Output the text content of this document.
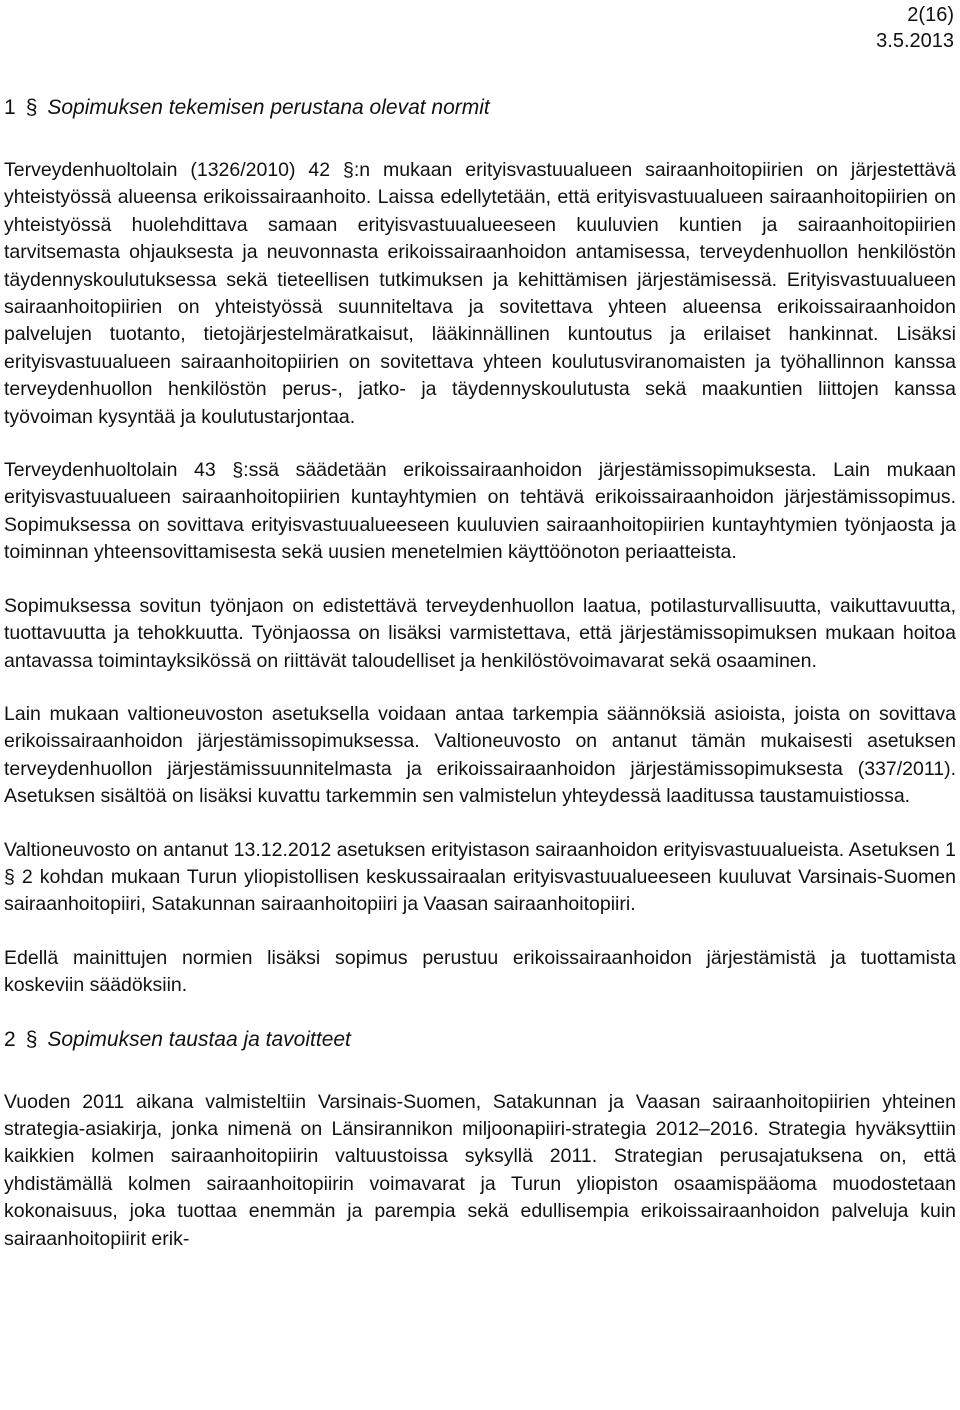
2(16)
3.5.2013
1 § Sopimuksen tekemisen perustana olevat normit

Terveydenhuoltolain (1326/2010) 42 §:n mukaan erityisvastuualueen sairaanhoitopiirien on järjestettävä yhteistyössä alueensa erikoissairaanhoito. Laissa edellytetään, että erityisvastuualueen sairaanhoitopiirien on yhteistyössä huolehdittava samaan erityisvastuualueeseen kuuluvien kuntien ja sairaanhoitopiirien tarvitsemasta ohjauksesta ja neuvonnasta erikoissairaanhoidon antamisessa, terveydenhuollon henkilöstön täydennyskoulutuksessa sekä tieteellisen tutkimuksen ja kehittämisen järjestämisessä. Erityisvastuualueen sairaanhoitopiirien on yhteistyössä suunniteltava ja sovitettava yhteen alueensa erikoissairaanhoidon palvelujen tuotanto, tietojärjestelmäratkaisut, lääkinnällinen kuntoutus ja erilaiset hankinnat. Lisäksi erityisvastuualueen sairaanhoitopiirien on sovitettava yhteen koulutusviranomaisten ja työhallinnon kanssa terveydenhuollon henkilöstön perus-, jatko- ja täydennyskoulutusta sekä maakuntien liittojen kanssa työvoiman kysyntää ja koulutustarjontaa.

Terveydenhuoltolain 43 §:ssä säädetään erikoissairaanhoidon järjestämissopimuksesta. Lain mukaan erityisvastuualueen sairaanhoitopiirien kuntayhtymien on tehtävä erikoissairaanhoidon järjestämissopimus. Sopimuksessa on sovittava erityisvastuualueeseen kuuluvien sairaanhoitopiirien kuntayhtymien työnjaosta ja toiminnan yhteensovittamisesta sekä uusien menetelmien käyttöönoton periaatteista.

Sopimuksessa sovitun työnjaon on edistettävä terveydenhuollon laatua, potilasturvallisuutta, vaikuttavuutta, tuottavuutta ja tehokkuutta. Työnjaossa on lisäksi varmistettava, että järjestämissopimuksen mukaan hoitoa antavassa toimintayksikössä on riittävät taloudelliset ja henkilöstövoimavarat sekä osaaminen.

Lain mukaan valtioneuvoston asetuksella voidaan antaa tarkempia säännöksiä asioista, joista on sovittava erikoissairaanhoidon järjestämissopimuksessa. Valtioneuvosto on antanut tämän mukaisesti asetuksen terveydenhuollon järjestämissuunnitelmasta ja erikoissairaanhoidon järjestämissopimuksesta (337/2011). Asetuksen sisältöä on lisäksi kuvattu tarkemmin sen valmistelun yhteydessä laaditussa taustamuistiossa.

Valtioneuvosto on antanut 13.12.2012 asetuksen erityistason sairaanhoidon erityisvastuualueista. Asetuksen 1 § 2 kohdan mukaan Turun yliopistollisen keskussairaalan erityisvastuualueeseen kuuluvat Varsinais-Suomen sairaanhoitopiiri, Satakunnan sairaanhoitopiiri ja Vaasan sairaanhoitopiiri.

Edellä mainittujen normien lisäksi sopimus perustuu erikoissairaanhoidon järjestämistä ja tuottamista koskeviin säädöksiin.

2 § Sopimuksen taustaa ja tavoitteet

Vuoden 2011 aikana valmisteltiin Varsinais-Suomen, Satakunnan ja Vaasan sairaanhoitopiirien yhteinen strategia-asiakirja, jonka nimenä on Länsirannikon miljoonapiiri-strategia 2012–2016. Strategia hyväksyttiin kaikkien kolmen sairaanhoitopiirin valtuustoissa syksyllä 2011. Strategian perusajatuksena on, että yhdistämällä kolmen sairaanhoitopiirin voimavarat ja Turun yliopiston osaamispääoma muodostetaan kokonaisuus, joka tuottaa enemmän ja parempia sekä edullisempia erikoissairaanhoidon palveluja kuin sairaanhoitopiirit erik-
